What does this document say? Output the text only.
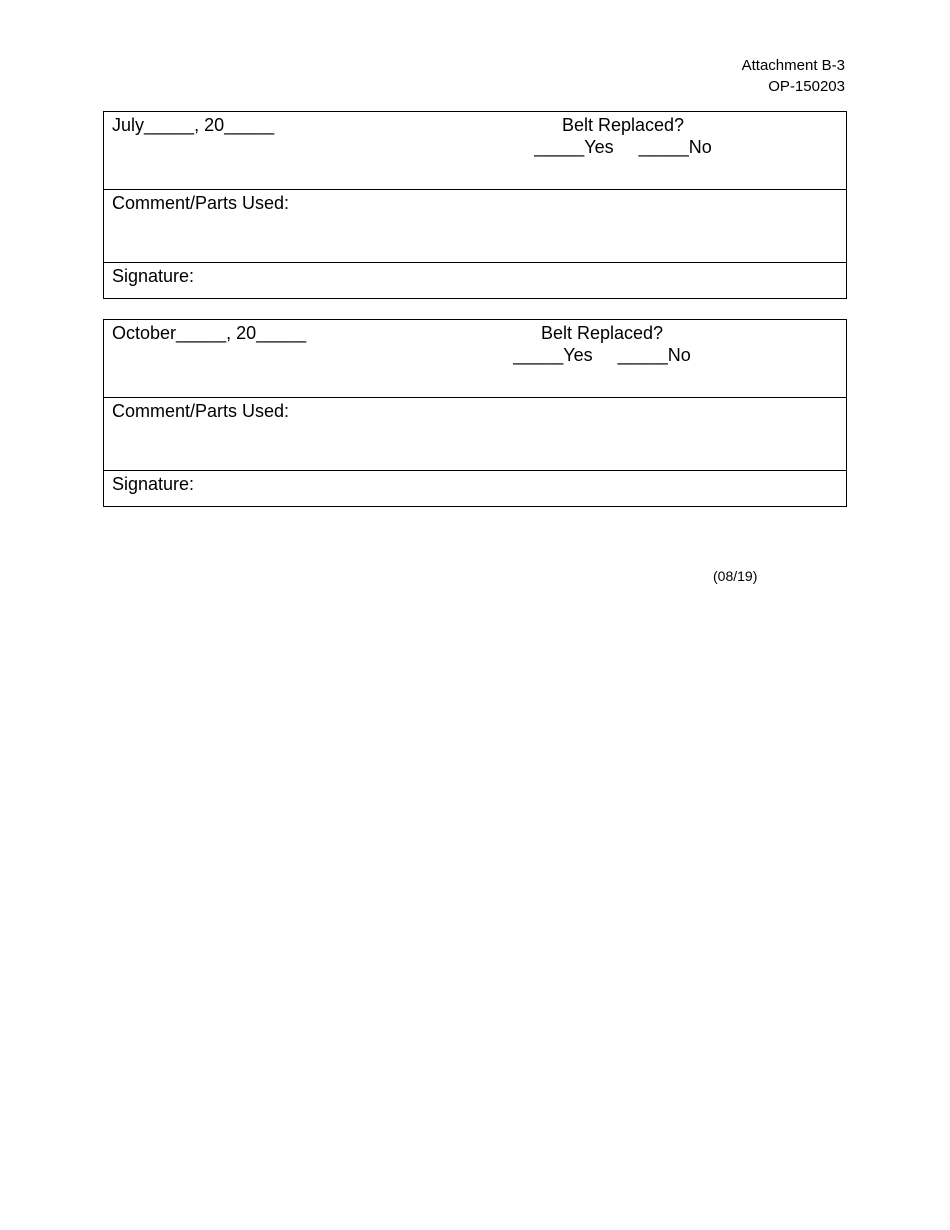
Attachment B-3
OP-150203
July_____, 20_____	Belt Replaced?
_____Yes     _____No
Comment/Parts Used:
Signature:
October_____, 20_____	Belt Replaced?
_____Yes     _____No
Comment/Parts Used:
Signature:
(08/19)
